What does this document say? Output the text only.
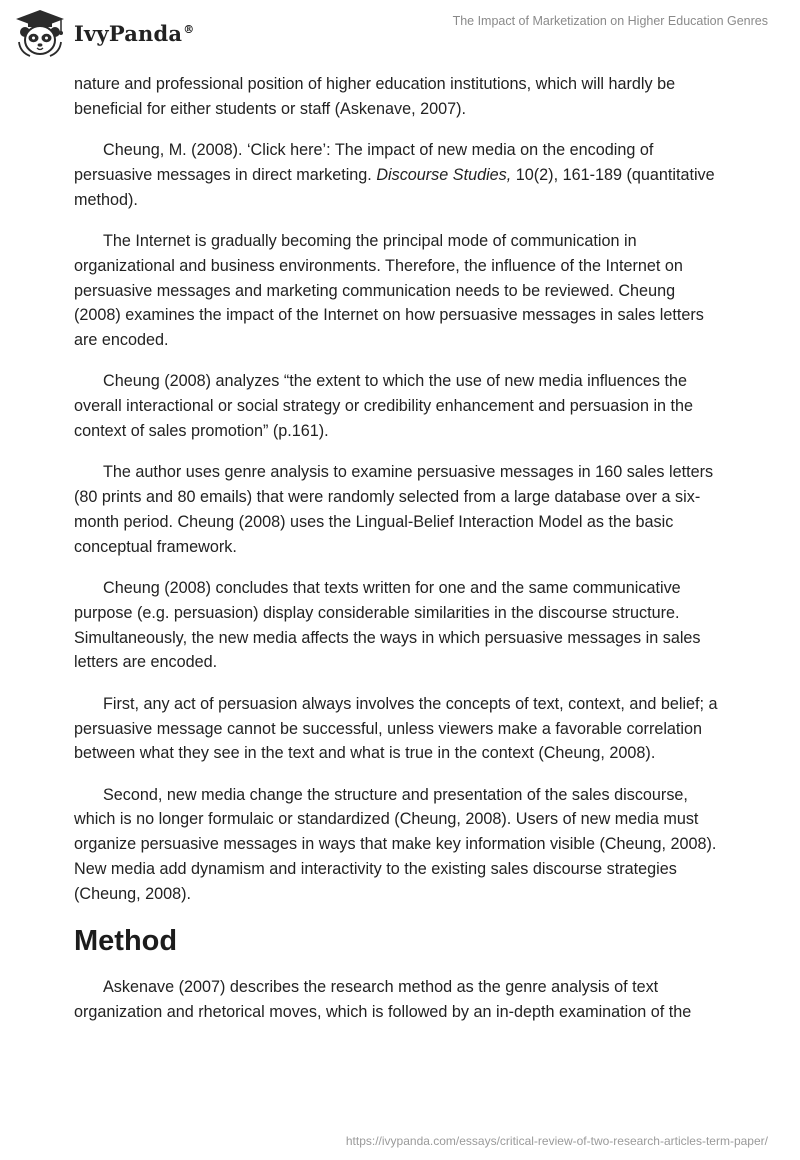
IvyPanda®
The Impact of Marketization on Higher Education Genres

nature and professional position of higher education institutions, which will hardly be beneficial for either students or staff (Askenave, 2007).

Cheung, M. (2008). ‘Click here’: The impact of new media on the encoding of persuasive messages in direct marketing. Discourse Studies, 10(2), 161-189 (quantitative method).

The Internet is gradually becoming the principal mode of communication in organizational and business environments. Therefore, the influence of the Internet on persuasive messages and marketing communication needs to be reviewed. Cheung (2008) examines the impact of the Internet on how persuasive messages in sales letters are encoded.

Cheung (2008) analyzes “the extent to which the use of new media influences the overall interactional or social strategy or credibility enhancement and persuasion in the context of sales promotion” (p.161).

The author uses genre analysis to examine persuasive messages in 160 sales letters (80 prints and 80 emails) that were randomly selected from a large database over a six-month period. Cheung (2008) uses the Lingual-Belief Interaction Model as the basic conceptual framework.

Cheung (2008) concludes that texts written for one and the same communicative purpose (e.g. persuasion) display considerable similarities in the discourse structure. Simultaneously, the new media affects the ways in which persuasive messages in sales letters are encoded.

First, any act of persuasion always involves the concepts of text, context, and belief; a persuasive message cannot be successful, unless viewers make a favorable correlation between what they see in the text and what is true in the context (Cheung, 2008).

Second, new media change the structure and presentation of the sales discourse, which is no longer formulaic or standardized (Cheung, 2008). Users of new media must organize persuasive messages in ways that make key information visible (Cheung, 2008). New media add dynamism and interactivity to the existing sales discourse strategies (Cheung, 2008).

Method

Askenave (2007) describes the research method as the genre analysis of text organization and rhetorical moves, which is followed by an in-depth examination of the

https://ivypanda.com/essays/critical-review-of-two-research-articles-term-paper/
